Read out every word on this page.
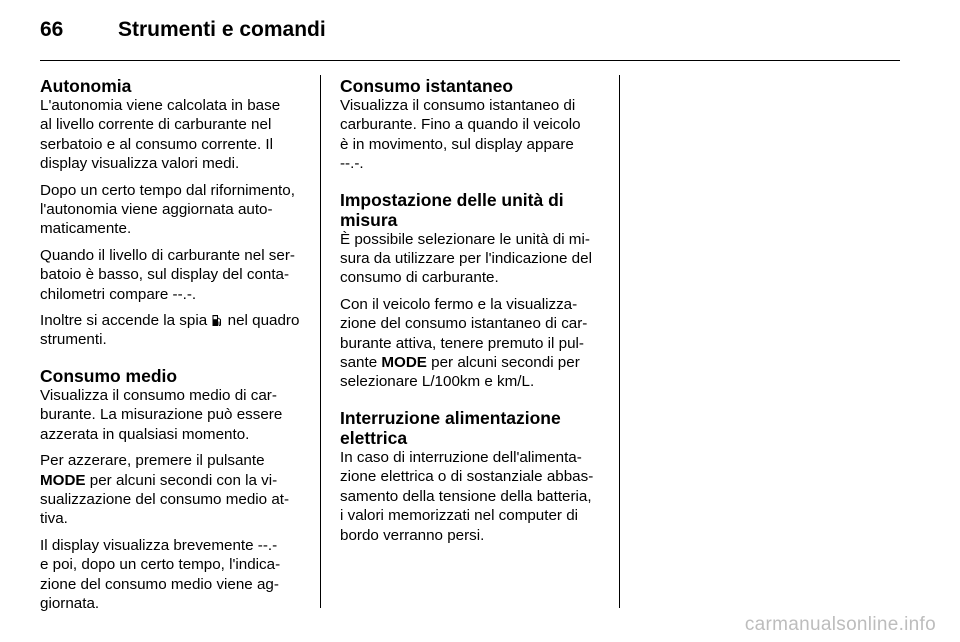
66	Strumenti e comandi
Autonomia

L'autonomia viene calcolata in base
al livello corrente di carburante nel
serbatoio e al consumo corrente. Il
display visualizza valori medi.

Dopo un certo tempo dal rifornimento,
l'autonomia viene aggiornata auto-
maticamente.

Quando il livello di carburante nel ser-
batoio è basso, sul display del conta-
chilometri compare --.-.

Inoltre si accende la spia nel quadro
strumenti.

Consumo medio

Visualizza il consumo medio di car-
burante. La misurazione può essere
azzerata in qualsiasi momento.

Per azzerare, premere il pulsante
MODE per alcuni secondi con la vi-
sualizzazione del consumo medio at-
tiva.

Il display visualizza brevemente --.-
e poi, dopo un certo tempo, l'indica-
zione del consumo medio viene ag-
giornata.

Consumo istantaneo

Visualizza il consumo istantaneo di
carburante. Fino a quando il veicolo
è in movimento, sul display appare
--.-.

Impostazione delle unità di
misura

È possibile selezionare le unità di mi-
sura da utilizzare per l'indicazione del
consumo di carburante.

Con il veicolo fermo e la visualizza-
zione del consumo istantaneo di car-
burante attiva, tenere premuto il pul-
sante MODE per alcuni secondi per
selezionare L/100km e km/L.

Interruzione alimentazione
elettrica

In caso di interruzione dell'alimenta-
zione elettrica o di sostanziale abbas-
samento della tensione della batteria,
i valori memorizzati nel computer di
bordo verranno persi.

carmanualsonline.info
